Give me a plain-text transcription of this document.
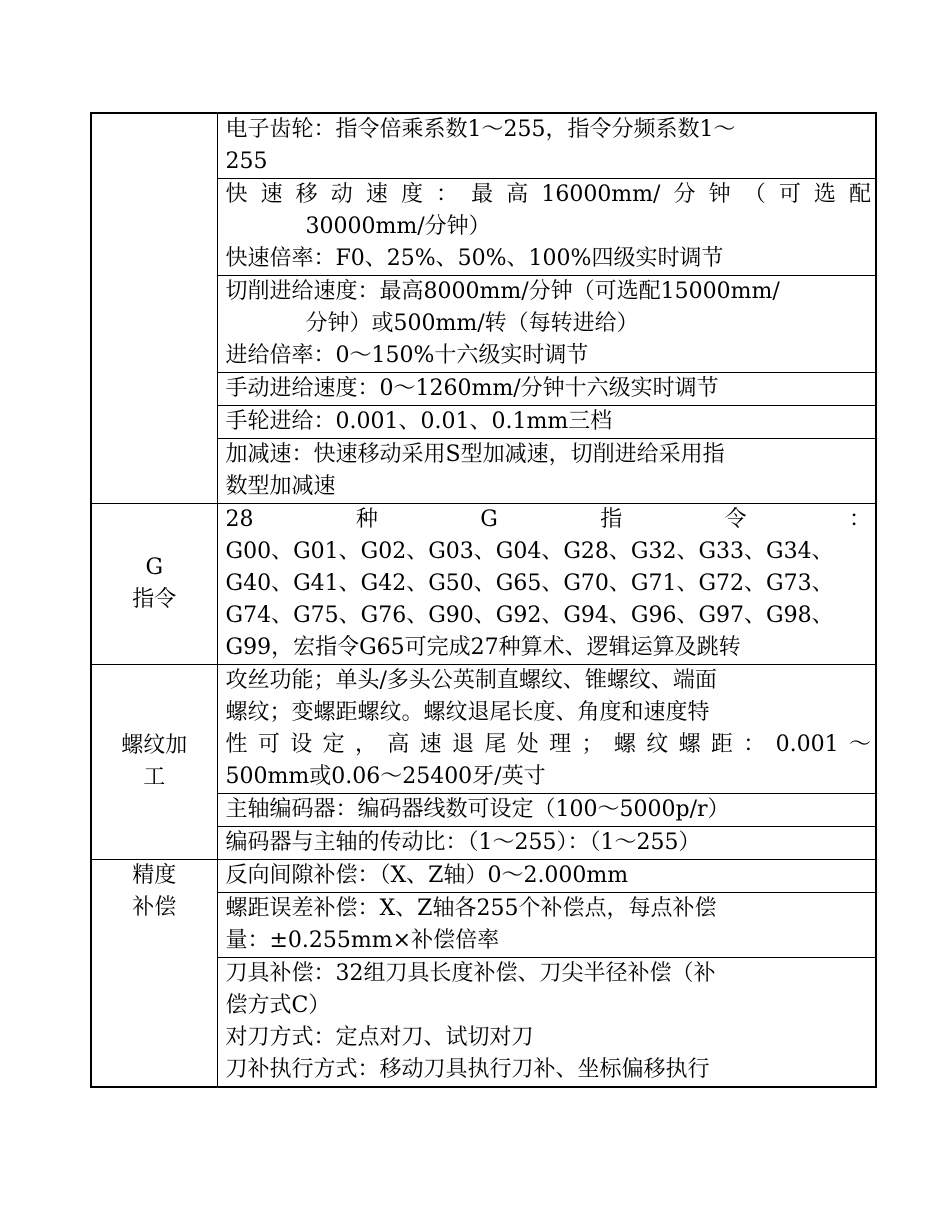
	电子齿轮：指令倍乘系数1～255，指令分频系数1～
255

	快速移动速度：最高16000mm/分钟（可选配
30000mm/分钟）
快速倍率：F0、25%、50%、100%四级实时调节

	切削进给速度：最高8000mm/分钟（可选配15000mm/
分钟）或500mm/转（每转进给）
进给倍率：0～150%十六级实时调节

	手动进给速度：0～1260mm/分钟十六级实时调节

	手轮进给：0.001、0.01、0.1mm三档

	加减速：快速移动采用S型加减速，切削进给采用指
数型加减速

G
指令	28　　种　　G　　指　　令　　：
G00、G01、G02、G03、G04、G28、G32、G33、G34、
G40、G41、G42、G50、G65、G70、G71、G72、G73、
G74、G75、G76、G90、G92、G94、G96、G97、G98、
G99，宏指令G65可完成27种算术、逻辑运算及跳转

螺纹加
工	攻丝功能；单头/多头公英制直螺纹、锥螺纹、端面
螺纹；变螺距螺纹。螺纹退尾长度、角度和速度特
性可设定，高速退尾处理；螺纹螺距：0.001～
500mm或0.06～25400牙/英寸

	主轴编码器：编码器线数可设定（100～5000p/r）

	编码器与主轴的传动比：（1～255）：（1～255）

精度
补偿	反向间隙补偿：（X、Z轴）0～2.000mm

	螺距误差补偿：X、Z轴各255个补偿点，每点补偿
量：±0.255mm×补偿倍率

	刀具补偿：32组刀具长度补偿、刀尖半径补偿（补
偿方式C）
对刀方式：定点对刀、试切对刀
刀补执行方式：移动刀具执行刀补、坐标偏移执行
